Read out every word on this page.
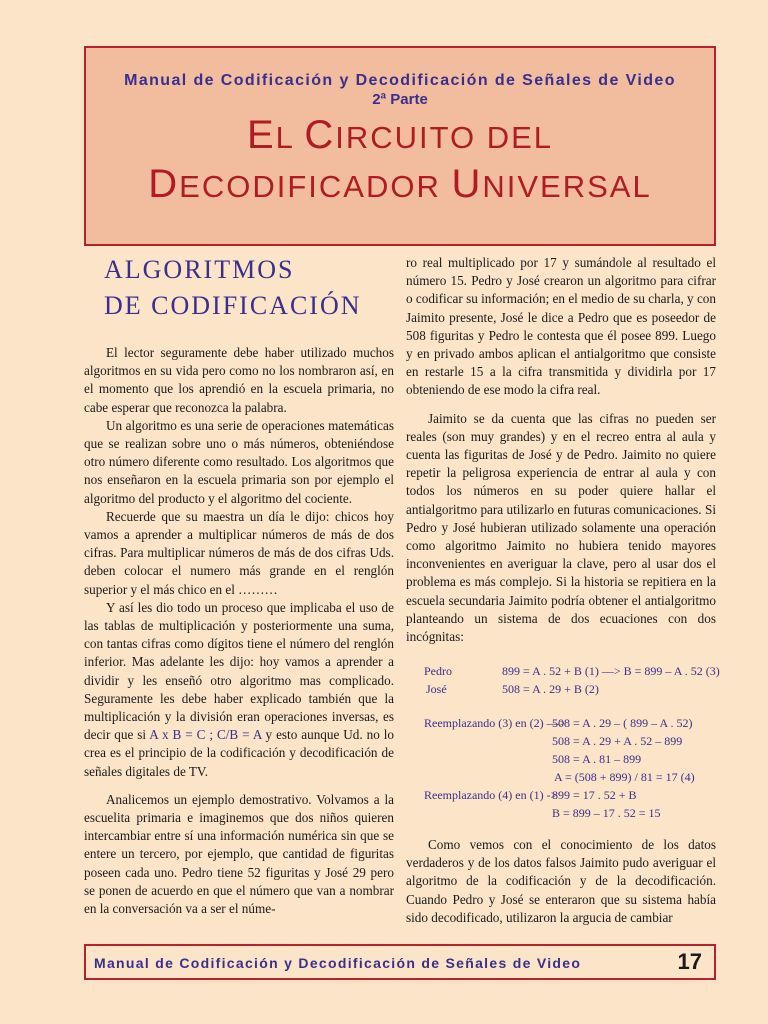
Manual de Codificación y Decodificación de Señales de Video
2ª Parte
EL CIRCUITO DEL
DECODIFICADOR UNIVERSAL
ALGORITMOS
DE CODIFICACIÓN

El lector seguramente debe haber utilizado muchos algoritmos en su vida pero como no los nombraron así, en el momento que los aprendió en la escuela primaria, no cabe esperar que reconozca la palabra.

Un algoritmo es una serie de operaciones matemáticas que se realizan sobre uno o más números, obteniéndose otro número diferente como resultado. Los algoritmos que nos enseñaron en la escuela primaria son por ejemplo el algoritmo del producto y el algoritmo del cociente.

Recuerde que su maestra un día le dijo: chicos hoy vamos a aprender a multiplicar números de más de dos cifras. Para multiplicar números de más de dos cifras Uds. deben colocar el numero más grande en el renglón superior y el más chico en el ………

Y así les dio todo un proceso que implicaba el uso de las tablas de multiplicación y posteriormente una suma, con tantas cifras como dígitos tiene el número del renglón inferior. Mas adelante les dijo: hoy vamos a aprender a dividir y les enseñó otro algoritmo mas complicado. Seguramente les debe haber explicado también que la multiplicación y la división eran operaciones inversas, es decir que si A x B = C ; C/B = A y esto aunque Ud. no lo crea es el principio de la codificación y decodificación de señales digitales de TV.

Analicemos un ejemplo demostrativo. Volvamos a la escuelita primaria e imaginemos que dos niños quieren intercambiar entre sí una información numérica sin que se entere un tercero, por ejemplo, que cantidad de figuritas poseen cada uno. Pedro tiene 52 figuritas y José 29 pero se ponen de acuerdo en que el número que van a nombrar en la conversación va a ser el núme-

ro real multiplicado por 17 y sumándole al resultado el número 15. Pedro y José crearon un algoritmo para cifrar o codificar su información; en el medio de su charla, y con Jaimito presente, José le dice a Pedro que es poseedor de 508 figuritas y Pedro le contesta que él posee 899. Luego y en privado ambos aplican el antialgoritmo que consiste en restarle 15 a la cifra transmitida y dividirla por 17 obteniendo de ese modo la cifra real.

Jaimito se da cuenta que las cifras no pueden ser reales (son muy grandes) y en el recreo entra al aula y cuenta las figuritas de José y de Pedro. Jaimito no quiere repetir la peligrosa experiencia de entrar al aula y con todos los números en su poder quiere hallar el antialgoritmo para utilizarlo en futuras comunicaciones. Si Pedro y José hubieran utilizado solamente una operación como algoritmo Jaimito no hubiera tenido mayores inconvenientes en averiguar la clave, pero al usar dos el problema es más complejo. Si la historia se repitiera en la escuela secundaria Jaimito podría obtener el antialgoritmo planteando un sistema de dos ecuaciones con dos incógnitas:

Pedro	899 = A . 52 + B (1) —> B = 899 – A . 52 (3)
José	508 = A . 29 + B (2)
Reemplazando (3) en (2) —>
508 = A . 29 – ( 899 – A . 52)
508 = A . 29 + A . 52 – 899
508 = A . 81 – 899
A = (508 + 899) / 81 = 17 (4)
Reemplazando (4) en (1) ->
899 = 17 . 52 + B
B = 899 – 17 . 52 = 15

Como vemos con el conocimiento de los datos verdaderos y de los datos falsos Jaimito pudo averiguar el algoritmo de la codificación y de la decodificación. Cuando Pedro y José se enteraron que su sistema había sido decodificado, utilizaron la argucia de cambiar

Manual de Codificación y Decodificación de Señales de Video	17
